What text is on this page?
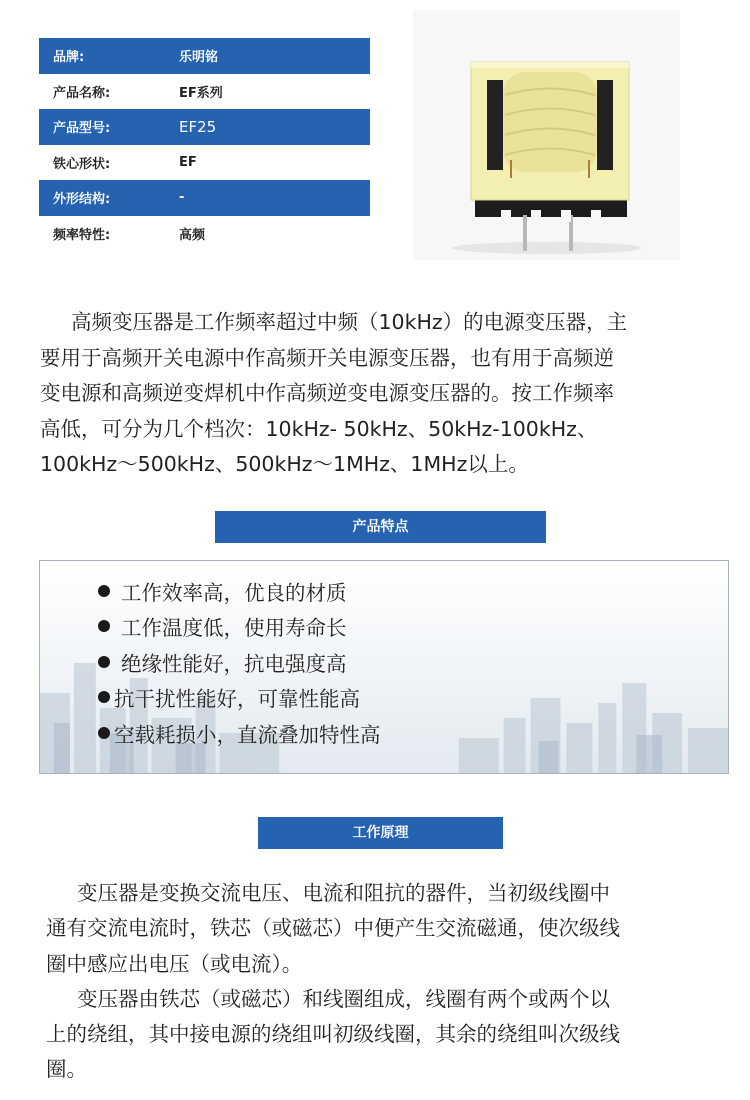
品牌:	乐明铭
产品名称:	EF系列
产品型号:	EF25
铁心形状:	EF
外形结构:	-
频率特性:	高频
高频变压器是工作频率超过中频（10kHz）的电源变压器，主
要用于高频开关电源中作高频开关电源变压器，也有用于高频逆
变电源和高频逆变焊机中作高频逆变电源变压器的。按工作频率
高低，可分为几个档次：10kHz- 50kHz、50kHz-100kHz、
100kHz～500kHz、500kHz～1MHz、1MHz以上。
产品特点
工作效率高，优良的材质
工作温度低，使用寿命长
绝缘性能好，抗电强度高
抗干扰性能好，可靠性能高
空载耗损小，直流叠加特性高
工作原理

变压器是变换交流电压、电流和阻抗的器件，当初级线圈中
通有交流电流时，铁芯（或磁芯）中便产生交流磁通，使次级线
圈中感应出电压（或电流）。

变压器由铁芯（或磁芯）和线圈组成，线圈有两个或两个以
上的绕组，其中接电源的绕组叫初级线圈，其余的绕组叫次级线
圈。
